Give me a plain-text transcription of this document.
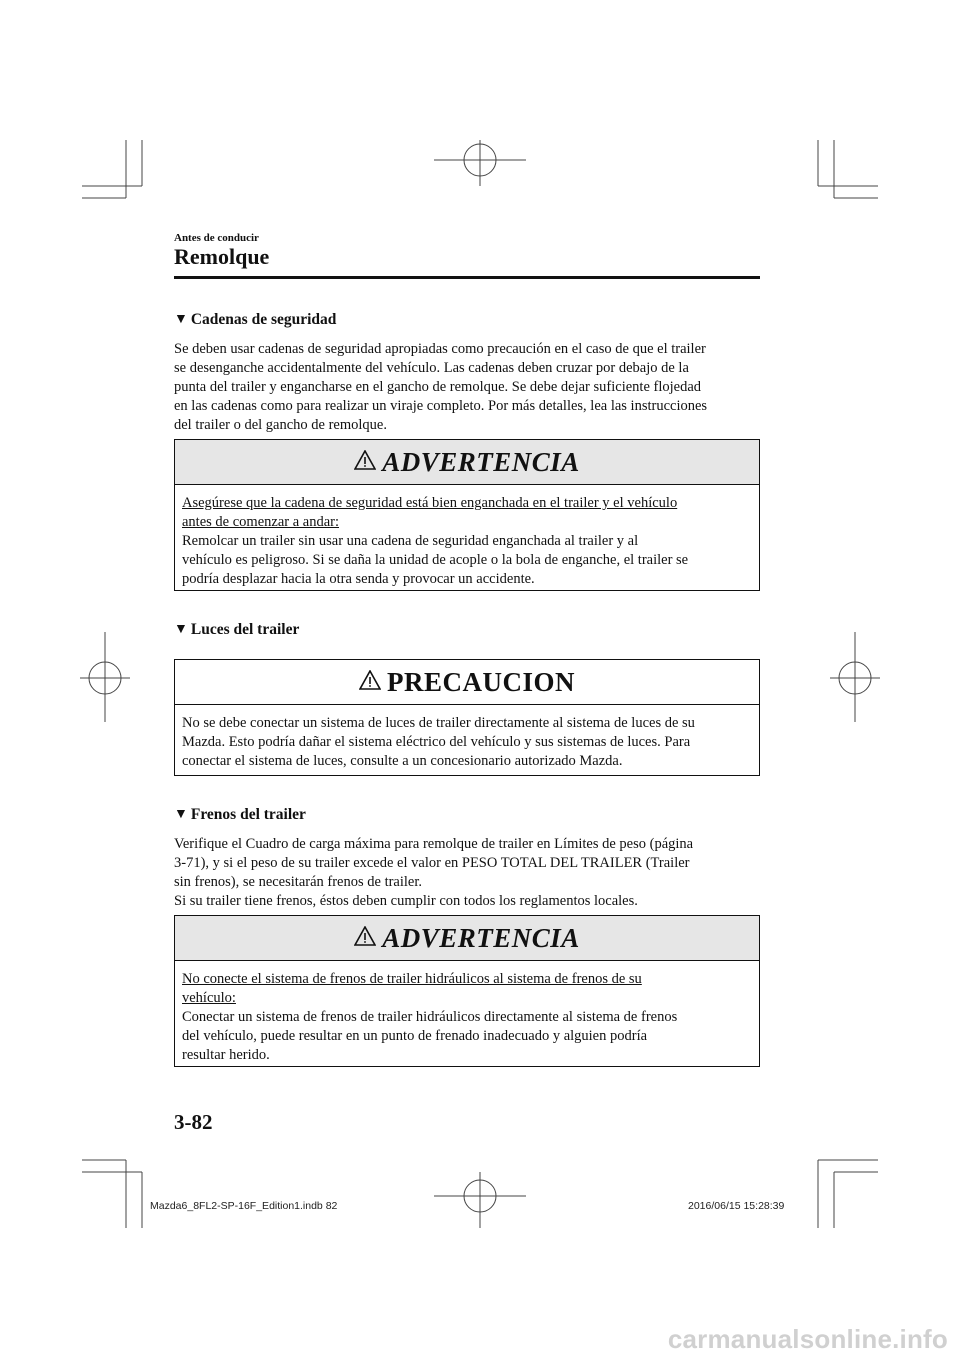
Antes de conducir
Remolque
▼ Cadenas de seguridad

Se deben usar cadenas de seguridad apropiadas como precaución en el caso de que el trailer

se desenganche accidentalmente del vehículo. Las cadenas deben cruzar por debajo de la

punta del trailer y engancharse en el gancho de remolque. Se debe dejar suficiente flojedad

en las cadenas como para realizar un viraje completo. Por más detalles, lea las instrucciones

del trailer o del gancho de remolque.

ADVERTENCIA
Asegúrese que la cadena de seguridad está bien enganchada en el trailer y el vehículo
antes de comenzar a andar:
Remolcar un trailer sin usar una cadena de seguridad enganchada al trailer y al
vehículo es peligroso. Si se daña la unidad de acople o la bola de enganche, el trailer se
podría desplazar hacia la otra senda y provocar un accidente.
▼ Luces del trailer
PRECAUCION
No se debe conectar un sistema de luces de trailer directamente al sistema de luces de su
Mazda. Esto podría dañar el sistema eléctrico del vehículo y sus sistemas de luces. Para
conectar el sistema de luces, consulte a un concesionario autorizado Mazda.
▼ Frenos del trailer

Verifique el Cuadro de carga máxima para remolque de trailer en Límites de peso (página

3-71), y si el peso de su trailer excede el valor en PESO TOTAL DEL TRAILER (Trailer

sin frenos), se necesitarán frenos de trailer.

Si su trailer tiene frenos, éstos deben cumplir con todos los reglamentos locales.

ADVERTENCIA
No conecte el sistema de frenos de trailer hidráulicos al sistema de frenos de su
vehículo:
Conectar un sistema de frenos de trailer hidráulicos directamente al sistema de frenos
del vehículo, puede resultar en un punto de frenado inadecuado y alguien podría
resultar herido.
3-82
Mazda6_8FL2-SP-16F_Edition1.indb 82	2016/06/15 15:28:39
carmanualsonline.info
